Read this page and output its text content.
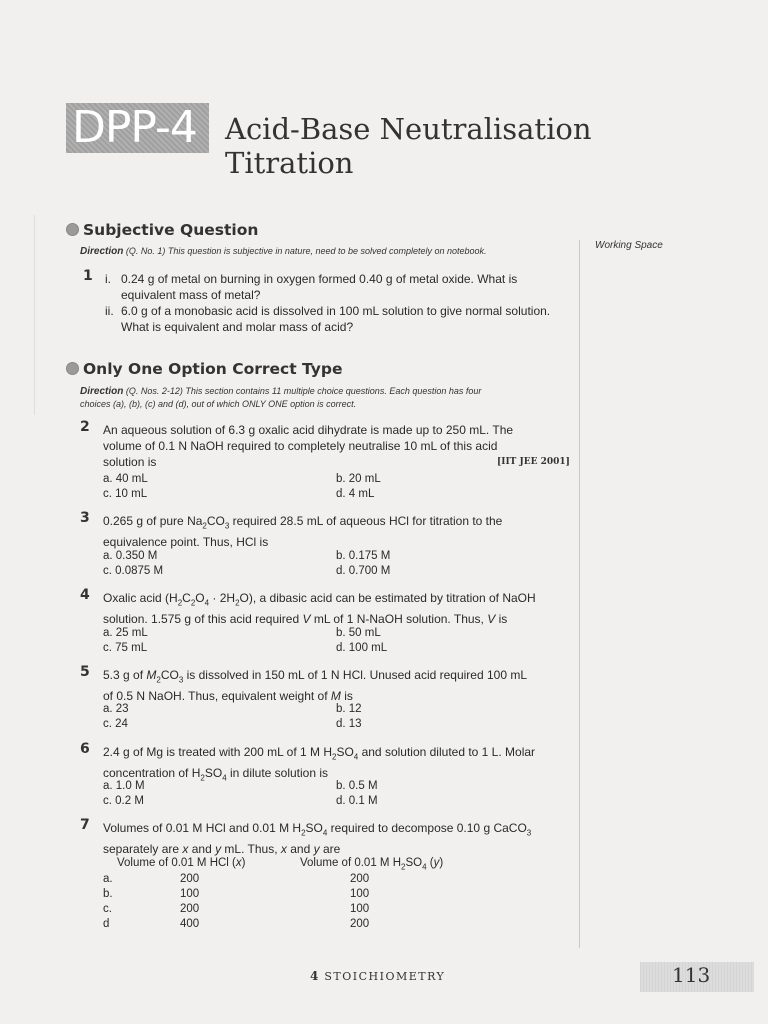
DPP-4 Acid-Base Neutralisation
Titration
Working Space
Subjective Question
Direction (Q. No. 1) This question is subjective in nature, need to be solved completely on notebook.
1 i. 0.24 g of metal on burning in oxygen formed 0.40 g of metal oxide. What is
equivalent mass of metal?
ii. 6.0 g of a monobasic acid is dissolved in 100 mL solution to give normal solution.
What is equivalent and molar mass of acid?
Only One Option Correct Type
Direction (Q. Nos. 2-12) This section contains 11 multiple choice questions. Each question has four
choices (a), (b), (c) and (d), out of which ONLY ONE option is correct.
2 An aqueous solution of 6.3 g oxalic acid dihydrate is made up to 250 mL. The
volume of 0.1 N NaOH required to completely neutralise 10 mL of this acid
solution is	[IIT JEE 2001]
a. 40 mL	b. 20 mL
c. 10 mL	d. 4 mL
3 0.265 g of pure $Na_2CO_3$ required 28.5 mL of aqueous HCl for titration to the
equivalence point. Thus, HCl is
a. 0.350 M	b. 0.175 M
c. 0.0875 M	d. 0.700 M
4 Oxalic acid $(H_2C_2O_4 \cdot 2H_2O)$, a dibasic acid can be estimated by titration of NaOH
solution. 1.575 g of this acid required V mL of 1 N-NaOH solution. Thus, V is
a. 25 mL	b. 50 mL
c. 75 mL	d. 100 mL
5 5.3 g of $M_2CO_3$ is dissolved in 150 mL of 1 N HCl. Unused acid required 100 mL
of 0.5 N NaOH. Thus, equivalent weight of M is
a. 23	b. 12
c. 24	d. 13
6 2.4 g of Mg is treated with 200 mL of 1 M $H_2SO_4$ and solution diluted to 1 L. Molar
concentration of $H_2SO_4$ in dilute solution is
a. 1.0 M	b. 0.5 M
c. 0.2 M	d. 0.1 M
7 Volumes of 0.01 M HCl and 0.01 M $H_2SO_4$ required to decompose 0.10 g CaCO$_3$
separately are x and y mL. Thus, x and y are
Volume of 0.01 M HCl (x)	Volume of 0.01 M $H_2SO_4$ (y)
a.	200	200
b.	100	100
c.	200	100
d	400	200
4 STOICHIOMETRY	113
